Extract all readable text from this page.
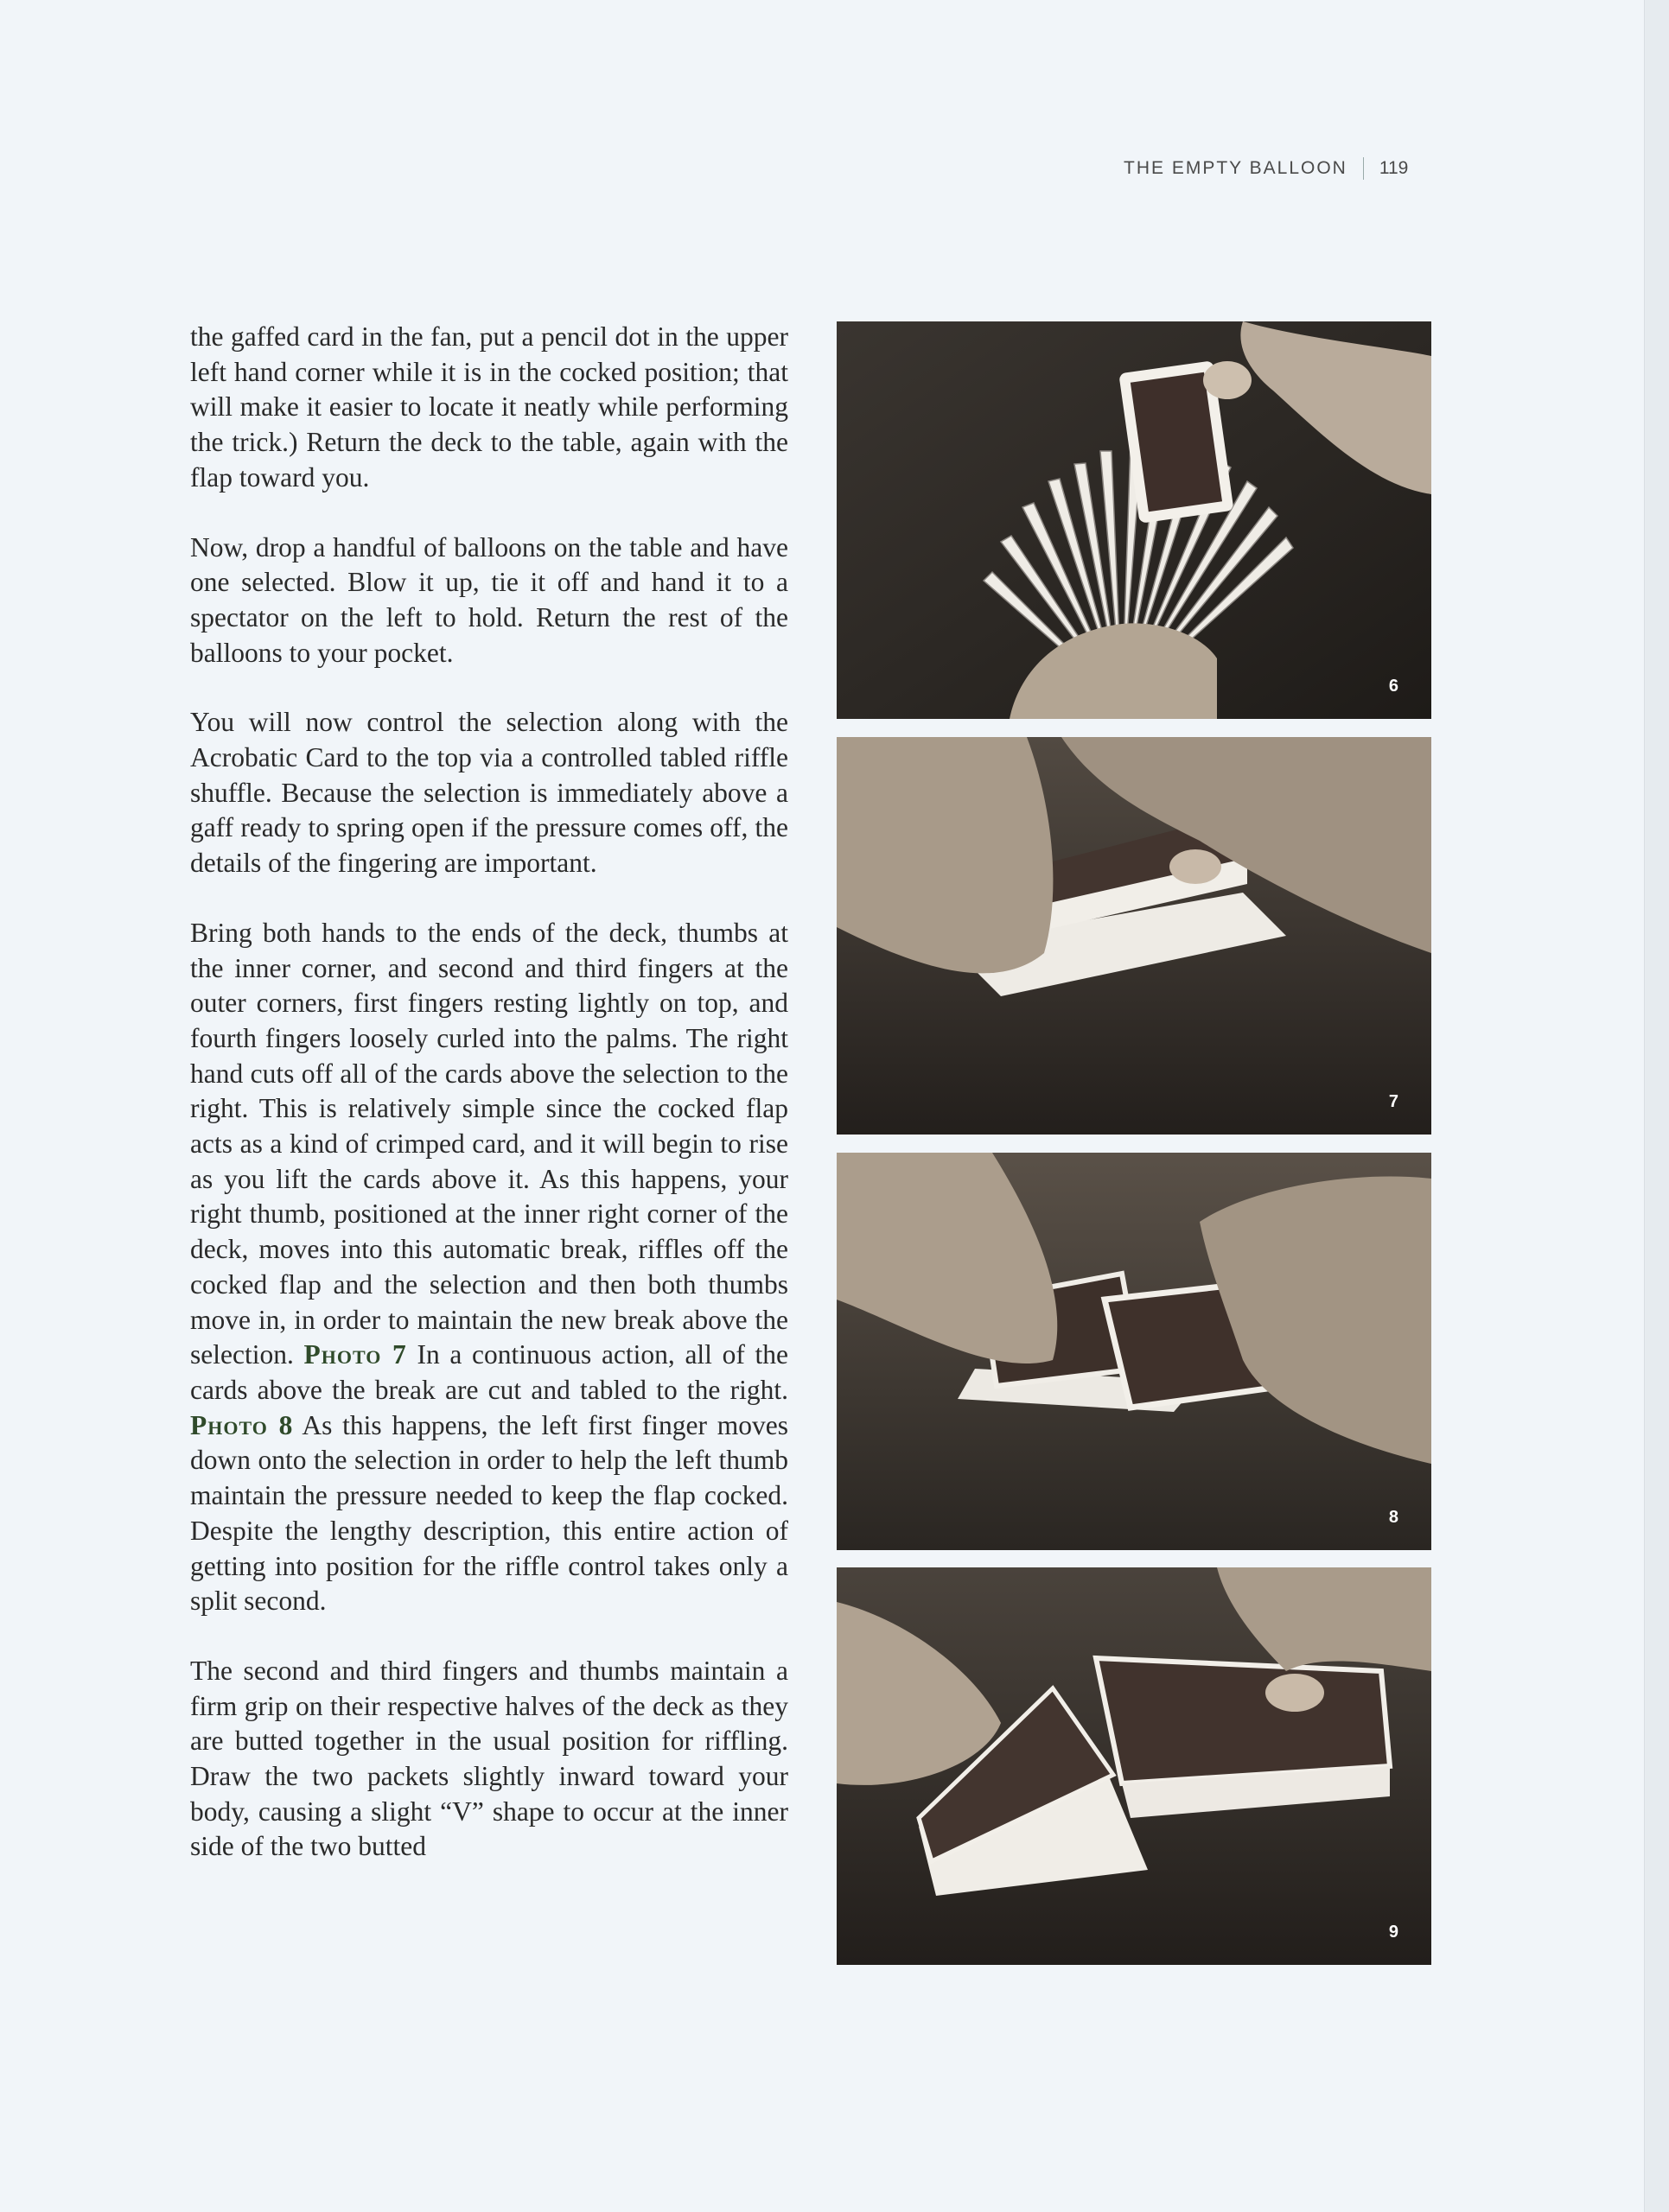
THE EMPTY BALLOON 119

the gaffed card in the fan, put a pencil dot in the upper left hand corner while it is in the cocked position; that will make it easier to locate it neatly while performing the trick.) Return the deck to the table, again with the flap toward you.

Now, drop a handful of balloons on the table and have one selected. Blow it up, tie it off and hand it to a spectator on the left to hold. Return the rest of the balloons to your pocket.

You will now control the selection along with the Acrobatic Card to the top via a controlled tabled riffle shuffle. Because the selection is immediately above a gaff ready to spring open if the pressure comes off, the details of the fingering are important.

Bring both hands to the ends of the deck, thumbs at the inner corner, and second and third fingers at the outer corners, first fingers resting lightly on top, and fourth fingers loosely curled into the palms. The right hand cuts off all of the cards above the selection to the right. This is relatively simple since the cocked flap acts as a kind of crimped card, and it will begin to rise as you lift the cards above it. As this happens, your right thumb, positioned at the inner right corner of the deck, moves into this automatic break, riffles off the cocked flap and the selection and then both thumbs move in, in order to maintain the new break above the selection. Photo 7 In a continuous action, all of the cards above the break are cut and tabled to the right. Photo 8 As this happens, the left first finger moves down onto the selection in order to help the left thumb maintain the pressure needed to keep the flap cocked. Despite the lengthy description, this entire action of getting into position for the riffle control takes only a split second.

The second and third fingers and thumbs maintain a firm grip on their respective halves of the deck as they are butted together in the usual position for riffling. Draw the two packets slightly inward toward your body, causing a slight “V” shape to occur at the inner side of the two butted

6
7
8
9
